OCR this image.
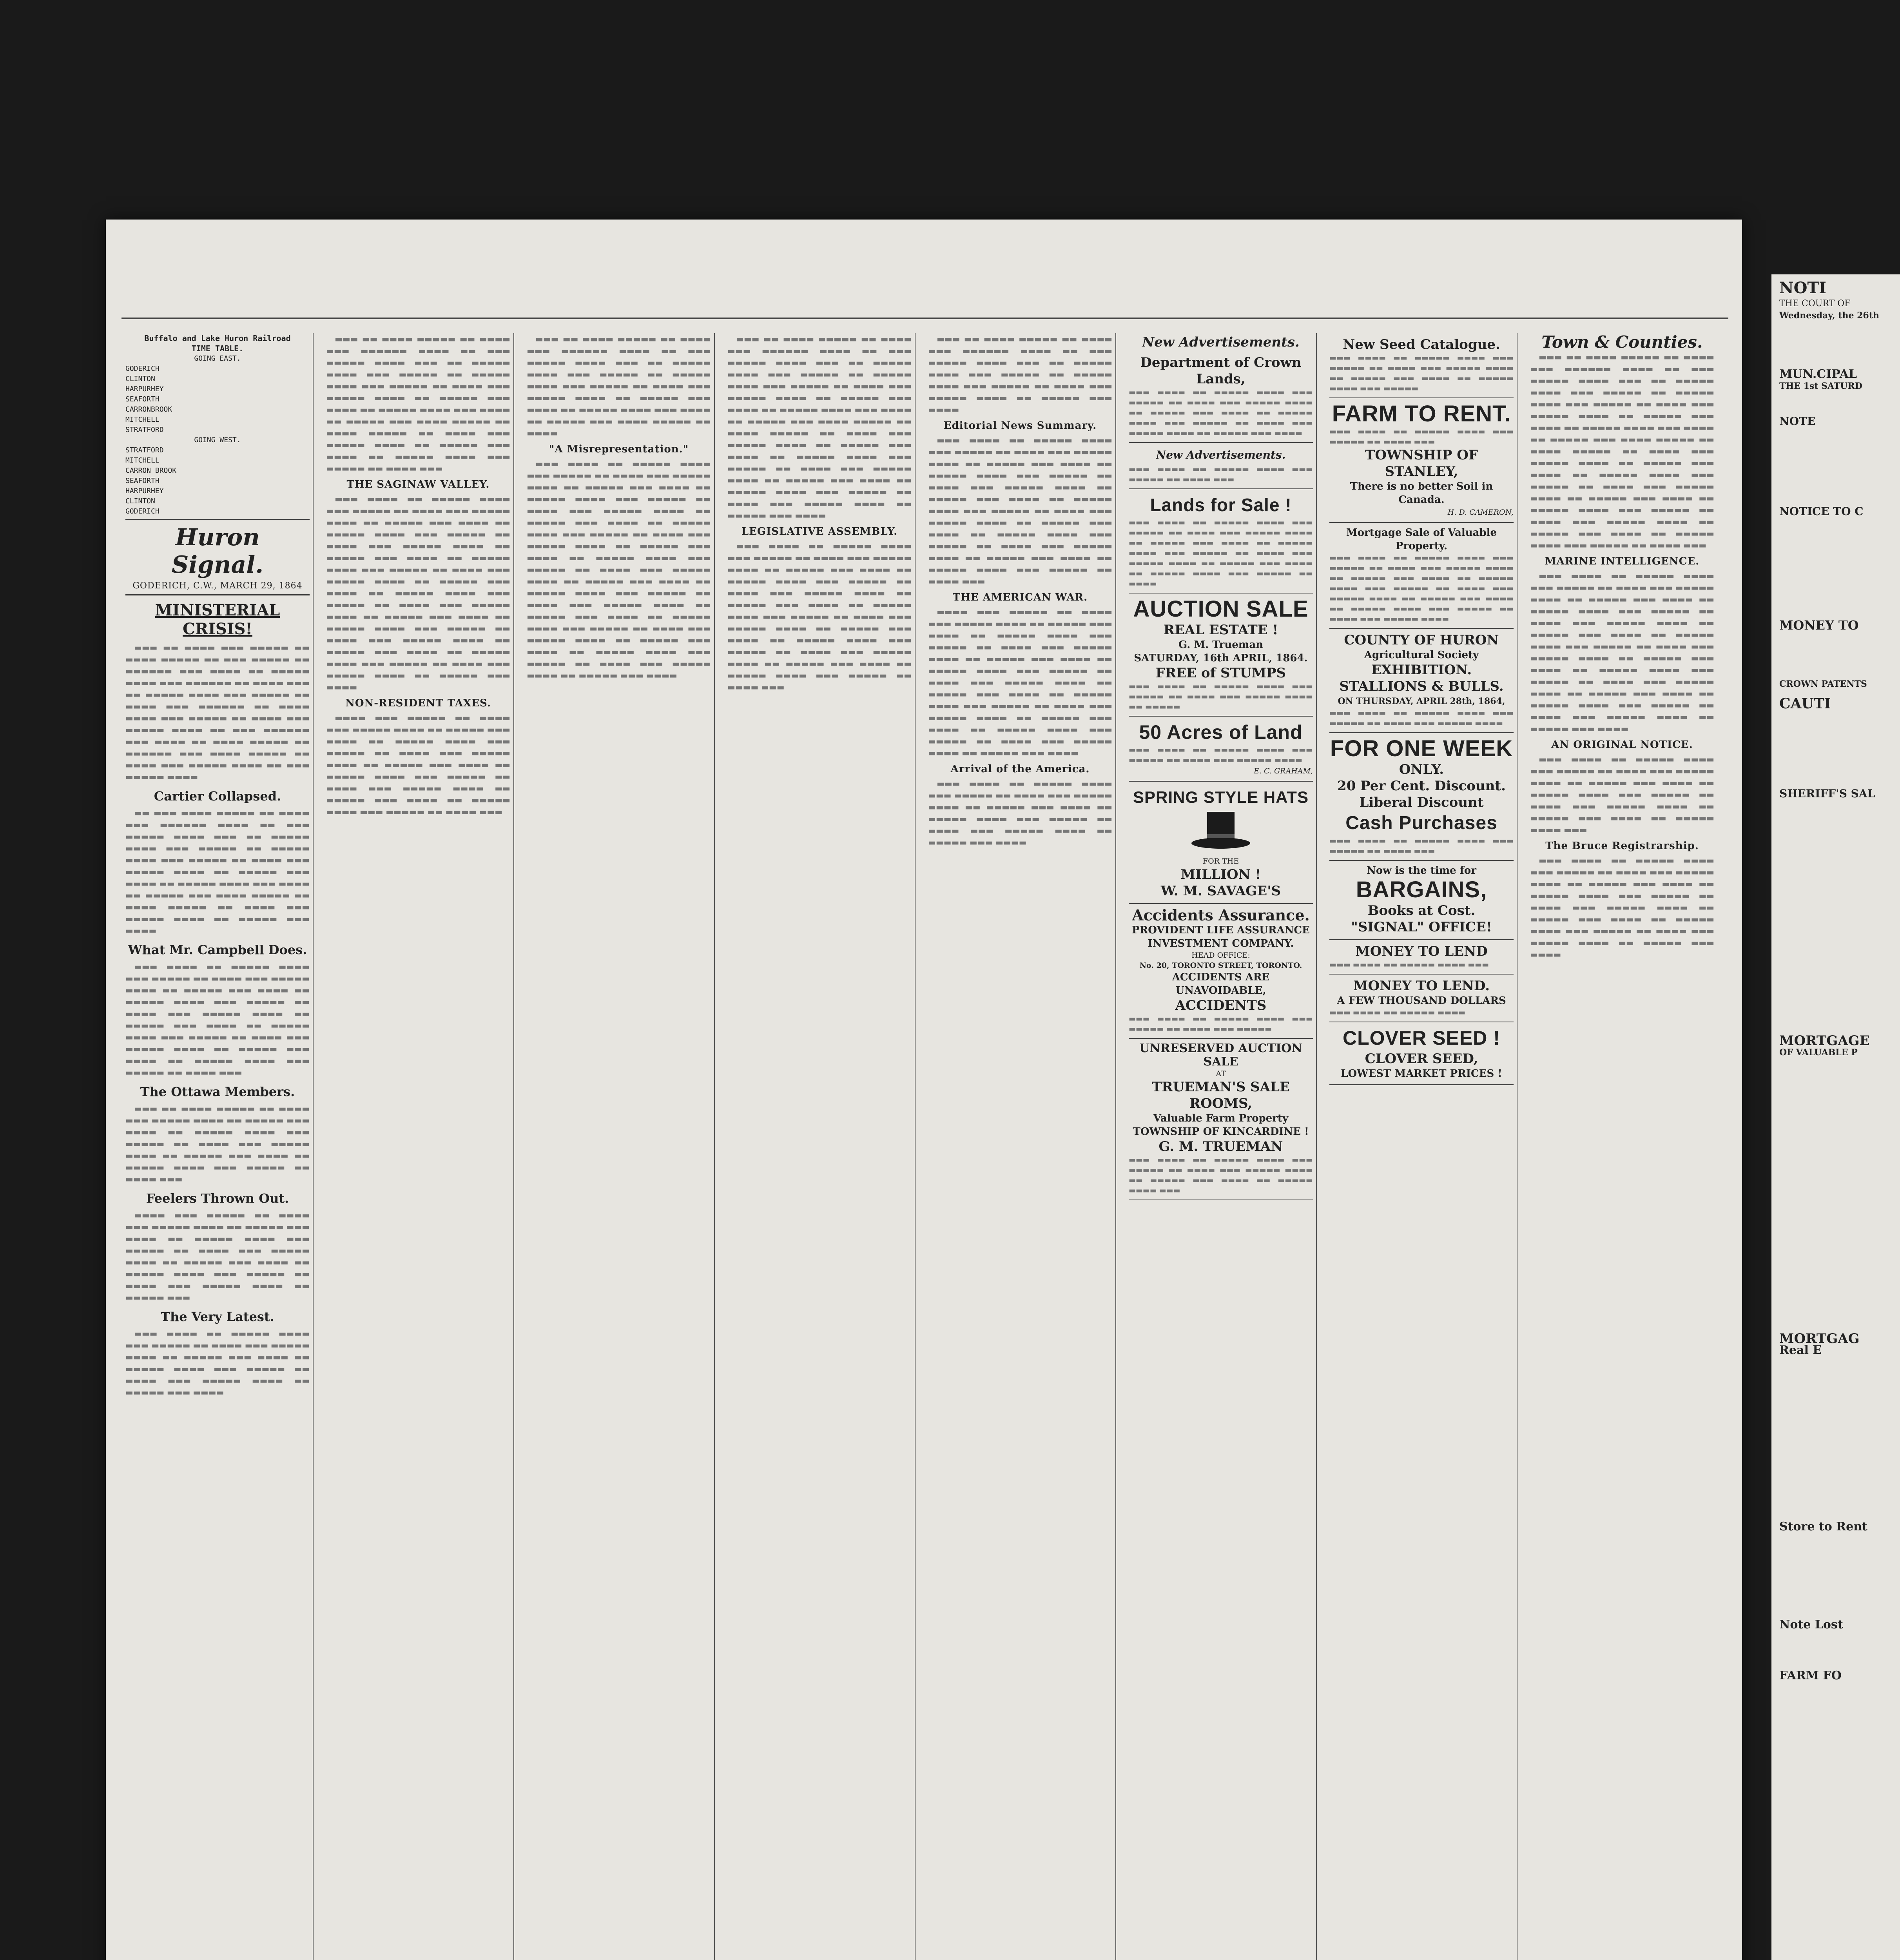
Buffalo and Lake Huron Railroad
TIME TABLE.
GOING EAST.
GODERICH
CLINTON
HARPURHEY
SEAFORTH
CARRONBROOK
MITCHELL
STRATFORD
GOING WEST.
STRATFORD
MITCHELL
CARRON BROOK
SEAFORTH
HARPURHEY
CLINTON
GODERICH
Huron Signal.
GODERICH, C.W., MARCH 29, 1864
MINISTERIAL CRISIS!
▬▬▬ ▬▬ ▬▬▬▬ ▬▬▬ ▬▬▬▬▬ ▬▬ ▬▬▬▬ ▬▬▬▬▬ ▬▬ ▬▬▬ ▬▬▬▬▬ ▬▬ ▬▬▬▬▬▬ ▬▬▬ ▬▬▬▬ ▬▬ ▬▬▬▬▬ ▬▬▬▬ ▬▬▬ ▬▬▬▬▬▬ ▬▬ ▬▬▬▬ ▬▬▬ ▬▬ ▬▬▬▬▬ ▬▬▬▬ ▬▬▬ ▬▬▬▬▬ ▬▬ ▬▬▬▬ ▬▬▬ ▬▬▬▬▬▬ ▬▬ ▬▬▬▬ ▬▬▬▬ ▬▬▬ ▬▬▬▬▬ ▬▬ ▬▬▬▬ ▬▬▬ ▬▬▬▬▬ ▬▬▬▬ ▬▬ ▬▬▬ ▬▬▬▬▬▬ ▬▬▬ ▬▬▬▬ ▬▬ ▬▬▬▬ ▬▬▬▬▬ ▬▬ ▬▬▬▬▬▬ ▬▬▬ ▬▬▬▬ ▬▬▬▬▬ ▬▬ ▬▬▬▬ ▬▬▬ ▬▬▬▬▬ ▬▬▬▬ ▬▬ ▬▬▬ ▬▬▬▬▬ ▬▬▬▬
Cartier Collapsed.
▬▬ ▬▬▬ ▬▬▬▬ ▬▬▬▬▬ ▬▬ ▬▬▬▬ ▬▬▬ ▬▬▬▬▬▬ ▬▬▬▬ ▬▬ ▬▬▬ ▬▬▬▬▬ ▬▬▬▬ ▬▬▬ ▬▬ ▬▬▬▬▬ ▬▬▬▬ ▬▬▬ ▬▬▬▬▬ ▬▬ ▬▬▬▬▬ ▬▬▬▬ ▬▬▬ ▬▬▬▬▬ ▬▬ ▬▬▬▬ ▬▬▬ ▬▬▬▬▬ ▬▬▬▬ ▬▬ ▬▬▬▬▬ ▬▬▬ ▬▬▬▬ ▬▬ ▬▬▬▬▬ ▬▬▬▬ ▬▬▬ ▬▬▬▬ ▬▬ ▬▬▬▬▬ ▬▬▬ ▬▬▬▬ ▬▬▬▬▬ ▬▬ ▬▬▬▬ ▬▬▬▬▬ ▬▬ ▬▬▬▬ ▬▬▬ ▬▬▬▬▬ ▬▬▬▬ ▬▬ ▬▬▬▬▬ ▬▬▬ ▬▬▬▬
What Mr. Campbell Does.
▬▬▬ ▬▬▬▬ ▬▬ ▬▬▬▬▬ ▬▬▬▬ ▬▬▬ ▬▬▬▬▬ ▬▬ ▬▬▬▬ ▬▬▬ ▬▬▬▬▬ ▬▬▬▬ ▬▬ ▬▬▬▬▬ ▬▬▬ ▬▬▬▬ ▬▬ ▬▬▬▬▬ ▬▬▬▬ ▬▬▬ ▬▬▬▬▬ ▬▬ ▬▬▬▬ ▬▬▬ ▬▬▬▬▬ ▬▬▬▬ ▬▬ ▬▬▬▬▬ ▬▬▬ ▬▬▬▬ ▬▬ ▬▬▬▬▬ ▬▬▬▬ ▬▬▬ ▬▬▬▬▬ ▬▬ ▬▬▬▬ ▬▬▬ ▬▬▬▬▬ ▬▬▬▬ ▬▬ ▬▬▬▬▬ ▬▬▬ ▬▬▬▬ ▬▬ ▬▬▬▬▬ ▬▬▬▬ ▬▬▬ ▬▬▬▬▬ ▬▬ ▬▬▬▬ ▬▬▬
The Ottawa Members.
▬▬▬ ▬▬ ▬▬▬▬ ▬▬▬▬▬ ▬▬ ▬▬▬▬ ▬▬▬ ▬▬▬▬▬ ▬▬▬▬ ▬▬ ▬▬▬▬▬ ▬▬▬ ▬▬▬▬ ▬▬ ▬▬▬▬▬ ▬▬▬▬ ▬▬▬ ▬▬▬▬▬ ▬▬ ▬▬▬▬ ▬▬▬ ▬▬▬▬▬ ▬▬▬▬ ▬▬ ▬▬▬▬▬ ▬▬▬ ▬▬▬▬ ▬▬ ▬▬▬▬▬ ▬▬▬▬ ▬▬▬ ▬▬▬▬▬ ▬▬ ▬▬▬▬ ▬▬▬
Feelers Thrown Out.
▬▬▬▬ ▬▬▬ ▬▬▬▬▬ ▬▬ ▬▬▬▬ ▬▬▬ ▬▬▬▬▬ ▬▬▬▬ ▬▬ ▬▬▬▬▬ ▬▬▬ ▬▬▬▬ ▬▬ ▬▬▬▬▬ ▬▬▬▬ ▬▬▬ ▬▬▬▬▬ ▬▬ ▬▬▬▬ ▬▬▬ ▬▬▬▬▬ ▬▬▬▬ ▬▬ ▬▬▬▬▬ ▬▬▬ ▬▬▬▬ ▬▬ ▬▬▬▬▬ ▬▬▬▬ ▬▬▬ ▬▬▬▬▬ ▬▬ ▬▬▬▬ ▬▬▬ ▬▬▬▬▬ ▬▬▬▬ ▬▬ ▬▬▬▬▬ ▬▬▬
The Very Latest.
▬▬▬ ▬▬▬▬ ▬▬ ▬▬▬▬▬ ▬▬▬▬ ▬▬▬ ▬▬▬▬▬ ▬▬ ▬▬▬▬ ▬▬▬ ▬▬▬▬▬ ▬▬▬▬ ▬▬ ▬▬▬▬▬ ▬▬▬ ▬▬▬▬ ▬▬ ▬▬▬▬▬ ▬▬▬▬ ▬▬▬ ▬▬▬▬▬ ▬▬ ▬▬▬▬ ▬▬▬ ▬▬▬▬▬ ▬▬▬▬ ▬▬ ▬▬▬▬▬ ▬▬▬ ▬▬▬▬
▬▬▬ ▬▬ ▬▬▬▬ ▬▬▬▬▬ ▬▬ ▬▬▬▬ ▬▬▬ ▬▬▬▬▬▬ ▬▬▬▬ ▬▬ ▬▬▬ ▬▬▬▬▬ ▬▬▬▬ ▬▬▬ ▬▬ ▬▬▬▬▬ ▬▬▬▬ ▬▬▬ ▬▬▬▬▬ ▬▬ ▬▬▬▬▬ ▬▬▬▬ ▬▬▬ ▬▬▬▬▬ ▬▬ ▬▬▬▬ ▬▬▬ ▬▬▬▬▬ ▬▬▬▬ ▬▬ ▬▬▬▬▬ ▬▬▬ ▬▬▬▬ ▬▬ ▬▬▬▬▬ ▬▬▬▬ ▬▬▬ ▬▬▬▬ ▬▬ ▬▬▬▬▬ ▬▬▬ ▬▬▬▬ ▬▬▬▬▬ ▬▬ ▬▬▬▬ ▬▬▬▬▬ ▬▬ ▬▬▬▬ ▬▬▬ ▬▬▬▬▬ ▬▬▬▬ ▬▬ ▬▬▬▬▬ ▬▬▬ ▬▬▬▬ ▬▬ ▬▬▬▬▬ ▬▬▬▬ ▬▬▬ ▬▬▬▬▬ ▬▬ ▬▬▬▬ ▬▬▬
THE SAGINAW VALLEY.
▬▬▬ ▬▬▬▬ ▬▬ ▬▬▬▬▬ ▬▬▬▬ ▬▬▬ ▬▬▬▬▬ ▬▬ ▬▬▬▬ ▬▬▬ ▬▬▬▬▬ ▬▬▬▬ ▬▬ ▬▬▬▬▬ ▬▬▬ ▬▬▬▬ ▬▬ ▬▬▬▬▬ ▬▬▬▬ ▬▬▬ ▬▬▬▬▬ ▬▬ ▬▬▬▬ ▬▬▬ ▬▬▬▬▬ ▬▬▬▬ ▬▬ ▬▬▬▬▬ ▬▬▬ ▬▬▬▬ ▬▬ ▬▬▬▬▬ ▬▬▬▬ ▬▬▬ ▬▬▬▬▬ ▬▬ ▬▬▬▬ ▬▬▬ ▬▬▬▬▬ ▬▬▬▬ ▬▬ ▬▬▬▬▬ ▬▬▬ ▬▬▬▬ ▬▬ ▬▬▬▬▬ ▬▬▬▬ ▬▬▬ ▬▬▬▬▬ ▬▬ ▬▬▬▬ ▬▬▬ ▬▬▬▬▬ ▬▬▬▬ ▬▬ ▬▬▬▬▬ ▬▬▬ ▬▬▬▬ ▬▬ ▬▬▬▬▬ ▬▬▬▬ ▬▬▬ ▬▬▬▬▬ ▬▬ ▬▬▬▬ ▬▬▬ ▬▬▬▬▬ ▬▬▬▬ ▬▬ ▬▬▬▬▬ ▬▬▬ ▬▬▬▬ ▬▬ ▬▬▬▬▬ ▬▬▬▬ ▬▬▬ ▬▬▬▬▬ ▬▬ ▬▬▬▬ ▬▬▬ ▬▬▬▬▬ ▬▬▬▬ ▬▬ ▬▬▬▬▬ ▬▬▬ ▬▬▬▬
NON-RESIDENT TAXES.
▬▬▬▬ ▬▬▬ ▬▬▬▬▬ ▬▬ ▬▬▬▬ ▬▬▬ ▬▬▬▬▬ ▬▬▬▬ ▬▬ ▬▬▬▬▬ ▬▬▬ ▬▬▬▬ ▬▬ ▬▬▬▬▬ ▬▬▬▬ ▬▬▬ ▬▬▬▬▬ ▬▬ ▬▬▬▬ ▬▬▬ ▬▬▬▬▬ ▬▬▬▬ ▬▬ ▬▬▬▬▬ ▬▬▬ ▬▬▬▬ ▬▬ ▬▬▬▬▬ ▬▬▬▬ ▬▬▬ ▬▬▬▬▬ ▬▬ ▬▬▬▬ ▬▬▬ ▬▬▬▬▬ ▬▬▬▬ ▬▬ ▬▬▬▬▬ ▬▬▬ ▬▬▬▬ ▬▬ ▬▬▬▬▬ ▬▬▬▬ ▬▬▬ ▬▬▬▬▬ ▬▬ ▬▬▬▬ ▬▬▬
▬▬▬ ▬▬ ▬▬▬▬ ▬▬▬▬▬ ▬▬ ▬▬▬▬ ▬▬▬ ▬▬▬▬▬▬ ▬▬▬▬ ▬▬ ▬▬▬ ▬▬▬▬▬ ▬▬▬▬ ▬▬▬ ▬▬ ▬▬▬▬▬ ▬▬▬▬ ▬▬▬ ▬▬▬▬▬ ▬▬ ▬▬▬▬▬ ▬▬▬▬ ▬▬▬ ▬▬▬▬▬ ▬▬ ▬▬▬▬ ▬▬▬ ▬▬▬▬▬ ▬▬▬▬ ▬▬ ▬▬▬▬▬ ▬▬▬ ▬▬▬▬ ▬▬ ▬▬▬▬▬ ▬▬▬▬ ▬▬▬ ▬▬▬▬ ▬▬ ▬▬▬▬▬ ▬▬▬ ▬▬▬▬ ▬▬▬▬▬ ▬▬ ▬▬▬▬
"A Misrepresentation."
▬▬▬ ▬▬▬▬ ▬▬ ▬▬▬▬▬ ▬▬▬▬ ▬▬▬ ▬▬▬▬▬ ▬▬ ▬▬▬▬ ▬▬▬ ▬▬▬▬▬ ▬▬▬▬ ▬▬ ▬▬▬▬▬ ▬▬▬ ▬▬▬▬ ▬▬ ▬▬▬▬▬ ▬▬▬▬ ▬▬▬ ▬▬▬▬▬ ▬▬ ▬▬▬▬ ▬▬▬ ▬▬▬▬▬ ▬▬▬▬ ▬▬ ▬▬▬▬▬ ▬▬▬ ▬▬▬▬ ▬▬ ▬▬▬▬▬ ▬▬▬▬ ▬▬▬ ▬▬▬▬▬ ▬▬ ▬▬▬▬ ▬▬▬ ▬▬▬▬▬ ▬▬▬▬ ▬▬ ▬▬▬▬▬ ▬▬▬ ▬▬▬▬ ▬▬ ▬▬▬▬▬ ▬▬▬▬ ▬▬▬ ▬▬▬▬▬ ▬▬ ▬▬▬▬ ▬▬▬ ▬▬▬▬▬ ▬▬▬▬ ▬▬ ▬▬▬▬▬ ▬▬▬ ▬▬▬▬ ▬▬ ▬▬▬▬▬ ▬▬▬▬ ▬▬▬ ▬▬▬▬▬ ▬▬ ▬▬▬▬ ▬▬▬ ▬▬▬▬▬ ▬▬▬▬ ▬▬ ▬▬▬▬▬ ▬▬▬ ▬▬▬▬ ▬▬ ▬▬▬▬▬ ▬▬▬▬ ▬▬▬ ▬▬▬▬▬ ▬▬ ▬▬▬▬ ▬▬▬ ▬▬▬▬▬ ▬▬▬▬ ▬▬ ▬▬▬▬▬ ▬▬▬ ▬▬▬▬ ▬▬ ▬▬▬▬▬ ▬▬▬▬ ▬▬▬ ▬▬▬▬▬ ▬▬ ▬▬▬▬ ▬▬▬ ▬▬▬▬▬ ▬▬▬▬ ▬▬ ▬▬▬▬▬ ▬▬▬ ▬▬▬▬
▬▬▬ ▬▬ ▬▬▬▬ ▬▬▬▬▬ ▬▬ ▬▬▬▬ ▬▬▬ ▬▬▬▬▬▬ ▬▬▬▬ ▬▬ ▬▬▬ ▬▬▬▬▬ ▬▬▬▬ ▬▬▬ ▬▬ ▬▬▬▬▬ ▬▬▬▬ ▬▬▬ ▬▬▬▬▬ ▬▬ ▬▬▬▬▬ ▬▬▬▬ ▬▬▬ ▬▬▬▬▬ ▬▬ ▬▬▬▬ ▬▬▬ ▬▬▬▬▬ ▬▬▬▬ ▬▬ ▬▬▬▬▬ ▬▬▬ ▬▬▬▬ ▬▬ ▬▬▬▬▬ ▬▬▬▬ ▬▬▬ ▬▬▬▬ ▬▬ ▬▬▬▬▬ ▬▬▬ ▬▬▬▬ ▬▬▬▬▬ ▬▬ ▬▬▬▬ ▬▬▬▬▬ ▬▬ ▬▬▬▬ ▬▬▬ ▬▬▬▬▬ ▬▬▬▬ ▬▬ ▬▬▬▬▬ ▬▬▬ ▬▬▬▬ ▬▬ ▬▬▬▬▬ ▬▬▬▬ ▬▬▬ ▬▬▬▬▬ ▬▬ ▬▬▬▬ ▬▬▬ ▬▬▬▬▬ ▬▬▬▬ ▬▬ ▬▬▬▬▬ ▬▬▬ ▬▬▬▬ ▬▬ ▬▬▬▬▬ ▬▬▬▬ ▬▬▬ ▬▬▬▬▬ ▬▬ ▬▬▬▬ ▬▬▬ ▬▬▬▬▬ ▬▬▬▬ ▬▬ ▬▬▬▬▬ ▬▬▬ ▬▬▬▬
LEGISLATIVE ASSEMBLY.
▬▬▬ ▬▬▬▬ ▬▬ ▬▬▬▬▬ ▬▬▬▬ ▬▬▬ ▬▬▬▬▬ ▬▬ ▬▬▬▬ ▬▬▬ ▬▬▬▬▬ ▬▬▬▬ ▬▬ ▬▬▬▬▬ ▬▬▬ ▬▬▬▬ ▬▬ ▬▬▬▬▬ ▬▬▬▬ ▬▬▬ ▬▬▬▬▬ ▬▬ ▬▬▬▬ ▬▬▬ ▬▬▬▬▬ ▬▬▬▬ ▬▬ ▬▬▬▬▬ ▬▬▬ ▬▬▬▬ ▬▬ ▬▬▬▬▬ ▬▬▬▬ ▬▬▬ ▬▬▬▬▬ ▬▬ ▬▬▬▬ ▬▬▬ ▬▬▬▬▬ ▬▬▬▬ ▬▬ ▬▬▬▬▬ ▬▬▬ ▬▬▬▬ ▬▬ ▬▬▬▬▬ ▬▬▬▬ ▬▬▬ ▬▬▬▬▬ ▬▬ ▬▬▬▬ ▬▬▬ ▬▬▬▬▬ ▬▬▬▬ ▬▬ ▬▬▬▬▬ ▬▬▬ ▬▬▬▬ ▬▬ ▬▬▬▬▬ ▬▬▬▬ ▬▬▬ ▬▬▬▬▬ ▬▬ ▬▬▬▬ ▬▬▬
▬▬▬ ▬▬ ▬▬▬▬ ▬▬▬▬▬ ▬▬ ▬▬▬▬ ▬▬▬ ▬▬▬▬▬▬ ▬▬▬▬ ▬▬ ▬▬▬ ▬▬▬▬▬ ▬▬▬▬ ▬▬▬ ▬▬ ▬▬▬▬▬ ▬▬▬▬ ▬▬▬ ▬▬▬▬▬ ▬▬ ▬▬▬▬▬ ▬▬▬▬ ▬▬▬ ▬▬▬▬▬ ▬▬ ▬▬▬▬ ▬▬▬ ▬▬▬▬▬ ▬▬▬▬ ▬▬ ▬▬▬▬▬ ▬▬▬ ▬▬▬▬
Editorial News Summary.
▬▬▬ ▬▬▬▬ ▬▬ ▬▬▬▬▬ ▬▬▬▬ ▬▬▬ ▬▬▬▬▬ ▬▬ ▬▬▬▬ ▬▬▬ ▬▬▬▬▬ ▬▬▬▬ ▬▬ ▬▬▬▬▬ ▬▬▬ ▬▬▬▬ ▬▬ ▬▬▬▬▬ ▬▬▬▬ ▬▬▬ ▬▬▬▬▬ ▬▬ ▬▬▬▬ ▬▬▬ ▬▬▬▬▬ ▬▬▬▬ ▬▬ ▬▬▬▬▬ ▬▬▬ ▬▬▬▬ ▬▬ ▬▬▬▬▬ ▬▬▬▬ ▬▬▬ ▬▬▬▬▬ ▬▬ ▬▬▬▬ ▬▬▬ ▬▬▬▬▬ ▬▬▬▬ ▬▬ ▬▬▬▬▬ ▬▬▬ ▬▬▬▬ ▬▬ ▬▬▬▬▬ ▬▬▬▬ ▬▬▬ ▬▬▬▬▬ ▬▬ ▬▬▬▬ ▬▬▬ ▬▬▬▬▬ ▬▬▬▬ ▬▬ ▬▬▬▬▬ ▬▬▬ ▬▬▬▬ ▬▬ ▬▬▬▬▬ ▬▬▬▬ ▬▬▬ ▬▬▬▬▬ ▬▬ ▬▬▬▬ ▬▬▬
THE AMERICAN WAR.
▬▬▬▬ ▬▬▬ ▬▬▬▬▬ ▬▬ ▬▬▬▬ ▬▬▬ ▬▬▬▬▬ ▬▬▬▬ ▬▬ ▬▬▬▬▬ ▬▬▬ ▬▬▬▬ ▬▬ ▬▬▬▬▬ ▬▬▬▬ ▬▬▬ ▬▬▬▬▬ ▬▬ ▬▬▬▬ ▬▬▬ ▬▬▬▬▬ ▬▬▬▬ ▬▬ ▬▬▬▬▬ ▬▬▬ ▬▬▬▬ ▬▬ ▬▬▬▬▬ ▬▬▬▬ ▬▬▬ ▬▬▬▬▬ ▬▬ ▬▬▬▬ ▬▬▬ ▬▬▬▬▬ ▬▬▬▬ ▬▬ ▬▬▬▬▬ ▬▬▬ ▬▬▬▬ ▬▬ ▬▬▬▬▬ ▬▬▬▬ ▬▬▬ ▬▬▬▬▬ ▬▬ ▬▬▬▬ ▬▬▬ ▬▬▬▬▬ ▬▬▬▬ ▬▬ ▬▬▬▬▬ ▬▬▬ ▬▬▬▬ ▬▬ ▬▬▬▬▬ ▬▬▬▬ ▬▬▬ ▬▬▬▬▬ ▬▬ ▬▬▬▬ ▬▬▬ ▬▬▬▬▬ ▬▬▬▬ ▬▬ ▬▬▬▬▬ ▬▬▬ ▬▬▬▬
Arrival of the America.
▬▬▬ ▬▬▬▬ ▬▬ ▬▬▬▬▬ ▬▬▬▬ ▬▬▬ ▬▬▬▬▬ ▬▬ ▬▬▬▬ ▬▬▬ ▬▬▬▬▬ ▬▬▬▬ ▬▬ ▬▬▬▬▬ ▬▬▬ ▬▬▬▬ ▬▬ ▬▬▬▬▬ ▬▬▬▬ ▬▬▬ ▬▬▬▬▬ ▬▬ ▬▬▬▬ ▬▬▬ ▬▬▬▬▬ ▬▬▬▬ ▬▬ ▬▬▬▬▬ ▬▬▬ ▬▬▬▬
New Advertisements.
Department of Crown Lands,
▬▬▬ ▬▬▬▬ ▬▬ ▬▬▬▬▬ ▬▬▬▬ ▬▬▬ ▬▬▬▬▬ ▬▬ ▬▬▬▬ ▬▬▬ ▬▬▬▬▬ ▬▬▬▬ ▬▬ ▬▬▬▬▬ ▬▬▬ ▬▬▬▬ ▬▬ ▬▬▬▬▬ ▬▬▬▬ ▬▬▬ ▬▬▬▬▬ ▬▬ ▬▬▬▬ ▬▬▬ ▬▬▬▬▬ ▬▬▬▬ ▬▬ ▬▬▬▬▬ ▬▬▬ ▬▬▬▬
New Advertisements.
▬▬▬ ▬▬▬▬ ▬▬ ▬▬▬▬▬ ▬▬▬▬ ▬▬▬ ▬▬▬▬▬ ▬▬ ▬▬▬▬ ▬▬▬
Lands for Sale !
▬▬▬ ▬▬▬▬ ▬▬ ▬▬▬▬▬ ▬▬▬▬ ▬▬▬ ▬▬▬▬▬ ▬▬ ▬▬▬▬ ▬▬▬ ▬▬▬▬▬ ▬▬▬▬ ▬▬ ▬▬▬▬▬ ▬▬▬ ▬▬▬▬ ▬▬ ▬▬▬▬▬ ▬▬▬▬ ▬▬▬ ▬▬▬▬▬ ▬▬ ▬▬▬▬ ▬▬▬ ▬▬▬▬▬ ▬▬▬▬ ▬▬ ▬▬▬▬▬ ▬▬▬ ▬▬▬▬ ▬▬ ▬▬▬▬▬ ▬▬▬▬ ▬▬▬ ▬▬▬▬▬ ▬▬ ▬▬▬▬
AUCTION SALE
REAL ESTATE !
G. M. Trueman
SATURDAY, 16th APRIL, 1864.
FREE of STUMPS
▬▬▬ ▬▬▬▬ ▬▬ ▬▬▬▬▬ ▬▬▬▬ ▬▬▬ ▬▬▬▬▬ ▬▬ ▬▬▬▬ ▬▬▬ ▬▬▬▬▬ ▬▬▬▬ ▬▬ ▬▬▬▬▬
50 Acres of Land
▬▬▬ ▬▬▬▬ ▬▬ ▬▬▬▬▬ ▬▬▬▬ ▬▬▬ ▬▬▬▬▬ ▬▬ ▬▬▬▬ ▬▬▬ ▬▬▬▬▬ ▬▬▬▬
E. C. GRAHAM,
SPRING STYLE HATS
FOR THE
MILLION !
W. M. SAVAGE'S
Accidents Assurance.
PROVIDENT LIFE ASSURANCE
INVESTMENT COMPANY.
HEAD OFFICE:
No. 20, TORONTO STREET, TORONTO.
ACCIDENTS ARE UNAVOIDABLE,
ACCIDENTS
▬▬▬ ▬▬▬▬ ▬▬ ▬▬▬▬▬ ▬▬▬▬ ▬▬▬ ▬▬▬▬▬ ▬▬ ▬▬▬▬ ▬▬▬ ▬▬▬▬▬
UNRESERVED AUCTION SALE
AT
TRUEMAN'S SALE ROOMS,
Valuable Farm Property
TOWNSHIP OF KINCARDINE !
G. M. TRUEMAN
▬▬▬ ▬▬▬▬ ▬▬ ▬▬▬▬▬ ▬▬▬▬ ▬▬▬ ▬▬▬▬▬ ▬▬ ▬▬▬▬ ▬▬▬ ▬▬▬▬▬ ▬▬▬▬ ▬▬ ▬▬▬▬▬ ▬▬▬ ▬▬▬▬ ▬▬ ▬▬▬▬▬ ▬▬▬▬ ▬▬▬
New Seed Catalogue.
▬▬▬ ▬▬▬▬ ▬▬ ▬▬▬▬▬ ▬▬▬▬ ▬▬▬ ▬▬▬▬▬ ▬▬ ▬▬▬▬ ▬▬▬ ▬▬▬▬▬ ▬▬▬▬ ▬▬ ▬▬▬▬▬ ▬▬▬ ▬▬▬▬ ▬▬ ▬▬▬▬▬ ▬▬▬▬ ▬▬▬ ▬▬▬▬▬
FARM TO RENT.
▬▬▬ ▬▬▬▬ ▬▬ ▬▬▬▬▬ ▬▬▬▬ ▬▬▬ ▬▬▬▬▬ ▬▬ ▬▬▬▬ ▬▬▬
TOWNSHIP OF STANLEY,
There is no better Soil in Canada.
H. D. CAMERON,
Mortgage Sale of Valuable Property.
▬▬▬ ▬▬▬▬ ▬▬ ▬▬▬▬▬ ▬▬▬▬ ▬▬▬ ▬▬▬▬▬ ▬▬ ▬▬▬▬ ▬▬▬ ▬▬▬▬▬ ▬▬▬▬ ▬▬ ▬▬▬▬▬ ▬▬▬ ▬▬▬▬ ▬▬ ▬▬▬▬▬ ▬▬▬▬ ▬▬▬ ▬▬▬▬▬ ▬▬ ▬▬▬▬ ▬▬▬ ▬▬▬▬▬ ▬▬▬▬ ▬▬ ▬▬▬▬▬ ▬▬▬ ▬▬▬▬ ▬▬ ▬▬▬▬▬ ▬▬▬▬ ▬▬▬ ▬▬▬▬▬ ▬▬ ▬▬▬▬ ▬▬▬ ▬▬▬▬▬ ▬▬▬▬
COUNTY OF HURON
Agricultural Society
EXHIBITION.
STALLIONS & BULLS.
ON THURSDAY, APRIL 28th, 1864,
▬▬▬ ▬▬▬▬ ▬▬ ▬▬▬▬▬ ▬▬▬▬ ▬▬▬ ▬▬▬▬▬ ▬▬ ▬▬▬▬ ▬▬▬ ▬▬▬▬▬ ▬▬▬▬
FOR ONE WEEK
ONLY.
20 Per Cent. Discount.
Liberal Discount
Cash Purchases
▬▬▬ ▬▬▬▬ ▬▬ ▬▬▬▬▬ ▬▬▬▬ ▬▬▬ ▬▬▬▬▬ ▬▬ ▬▬▬▬ ▬▬▬
Now is the time for
BARGAINS,
Books at Cost.
"SIGNAL" OFFICE!
MONEY TO LEND
▬▬▬ ▬▬▬▬ ▬▬ ▬▬▬▬▬ ▬▬▬▬ ▬▬▬
MONEY TO LEND.
A FEW THOUSAND DOLLARS
▬▬▬ ▬▬▬▬ ▬▬ ▬▬▬▬▬ ▬▬▬▬
CLOVER SEED !
CLOVER SEED,
LOWEST MARKET PRICES !
Town & Counties.
▬▬▬ ▬▬ ▬▬▬▬ ▬▬▬▬▬ ▬▬ ▬▬▬▬ ▬▬▬ ▬▬▬▬▬▬ ▬▬▬▬ ▬▬ ▬▬▬ ▬▬▬▬▬ ▬▬▬▬ ▬▬▬ ▬▬ ▬▬▬▬▬ ▬▬▬▬ ▬▬▬ ▬▬▬▬▬ ▬▬ ▬▬▬▬▬ ▬▬▬▬ ▬▬▬ ▬▬▬▬▬ ▬▬ ▬▬▬▬ ▬▬▬ ▬▬▬▬▬ ▬▬▬▬ ▬▬ ▬▬▬▬▬ ▬▬▬ ▬▬▬▬ ▬▬ ▬▬▬▬▬ ▬▬▬▬ ▬▬▬ ▬▬▬▬ ▬▬ ▬▬▬▬▬ ▬▬▬ ▬▬▬▬ ▬▬▬▬▬ ▬▬ ▬▬▬▬ ▬▬▬▬▬ ▬▬ ▬▬▬▬ ▬▬▬ ▬▬▬▬▬ ▬▬▬▬ ▬▬ ▬▬▬▬▬ ▬▬▬ ▬▬▬▬ ▬▬ ▬▬▬▬▬ ▬▬▬▬ ▬▬▬ ▬▬▬▬▬ ▬▬ ▬▬▬▬ ▬▬▬ ▬▬▬▬▬ ▬▬▬▬ ▬▬ ▬▬▬▬▬ ▬▬▬ ▬▬▬▬ ▬▬ ▬▬▬▬▬ ▬▬▬▬ ▬▬▬ ▬▬▬▬▬ ▬▬ ▬▬▬▬ ▬▬▬ ▬▬▬▬▬ ▬▬▬▬ ▬▬ ▬▬▬▬▬ ▬▬▬ ▬▬▬▬ ▬▬ ▬▬▬▬▬ ▬▬▬▬ ▬▬▬ ▬▬▬▬▬ ▬▬ ▬▬▬▬ ▬▬▬
MARINE INTELLIGENCE.
▬▬▬ ▬▬▬▬ ▬▬ ▬▬▬▬▬ ▬▬▬▬ ▬▬▬ ▬▬▬▬▬ ▬▬ ▬▬▬▬ ▬▬▬ ▬▬▬▬▬ ▬▬▬▬ ▬▬ ▬▬▬▬▬ ▬▬▬ ▬▬▬▬ ▬▬ ▬▬▬▬▬ ▬▬▬▬ ▬▬▬ ▬▬▬▬▬ ▬▬ ▬▬▬▬ ▬▬▬ ▬▬▬▬▬ ▬▬▬▬ ▬▬ ▬▬▬▬▬ ▬▬▬ ▬▬▬▬ ▬▬ ▬▬▬▬▬ ▬▬▬▬ ▬▬▬ ▬▬▬▬▬ ▬▬ ▬▬▬▬ ▬▬▬ ▬▬▬▬▬ ▬▬▬▬ ▬▬ ▬▬▬▬▬ ▬▬▬ ▬▬▬▬ ▬▬ ▬▬▬▬▬ ▬▬▬▬ ▬▬▬ ▬▬▬▬▬ ▬▬ ▬▬▬▬ ▬▬▬ ▬▬▬▬▬ ▬▬▬▬ ▬▬ ▬▬▬▬▬ ▬▬▬ ▬▬▬▬ ▬▬ ▬▬▬▬▬ ▬▬▬▬ ▬▬▬ ▬▬▬▬▬ ▬▬ ▬▬▬▬ ▬▬▬ ▬▬▬▬▬ ▬▬▬▬ ▬▬ ▬▬▬▬▬ ▬▬▬ ▬▬▬▬
AN ORIGINAL NOTICE.
▬▬▬ ▬▬▬▬ ▬▬ ▬▬▬▬▬ ▬▬▬▬ ▬▬▬ ▬▬▬▬▬ ▬▬ ▬▬▬▬ ▬▬▬ ▬▬▬▬▬ ▬▬▬▬ ▬▬ ▬▬▬▬▬ ▬▬▬ ▬▬▬▬ ▬▬ ▬▬▬▬▬ ▬▬▬▬ ▬▬▬ ▬▬▬▬▬ ▬▬ ▬▬▬▬ ▬▬▬ ▬▬▬▬▬ ▬▬▬▬ ▬▬ ▬▬▬▬▬ ▬▬▬ ▬▬▬▬ ▬▬ ▬▬▬▬▬ ▬▬▬▬ ▬▬▬
The Bruce Registrarship.
▬▬▬ ▬▬▬▬ ▬▬ ▬▬▬▬▬ ▬▬▬▬ ▬▬▬ ▬▬▬▬▬ ▬▬ ▬▬▬▬ ▬▬▬ ▬▬▬▬▬ ▬▬▬▬ ▬▬ ▬▬▬▬▬ ▬▬▬ ▬▬▬▬ ▬▬ ▬▬▬▬▬ ▬▬▬▬ ▬▬▬ ▬▬▬▬▬ ▬▬ ▬▬▬▬ ▬▬▬ ▬▬▬▬▬ ▬▬▬▬ ▬▬ ▬▬▬▬▬ ▬▬▬ ▬▬▬▬ ▬▬ ▬▬▬▬▬ ▬▬▬▬ ▬▬▬ ▬▬▬▬▬ ▬▬ ▬▬▬▬ ▬▬▬ ▬▬▬▬▬ ▬▬▬▬ ▬▬ ▬▬▬▬▬ ▬▬▬ ▬▬▬▬
NOTI
THE COURT OF
Wednesday, the 26th
MUN.CIPAL
THE 1st SATURD
NOTE
NOTICE TO C
MONEY TO
CROWN PATENTS
CAUTI
SHERIFF'S SAL
MORTGAGE
OF VALUABLE P
MORTGAG
Real E
Store to Rent
Note Lost
FARM FO
